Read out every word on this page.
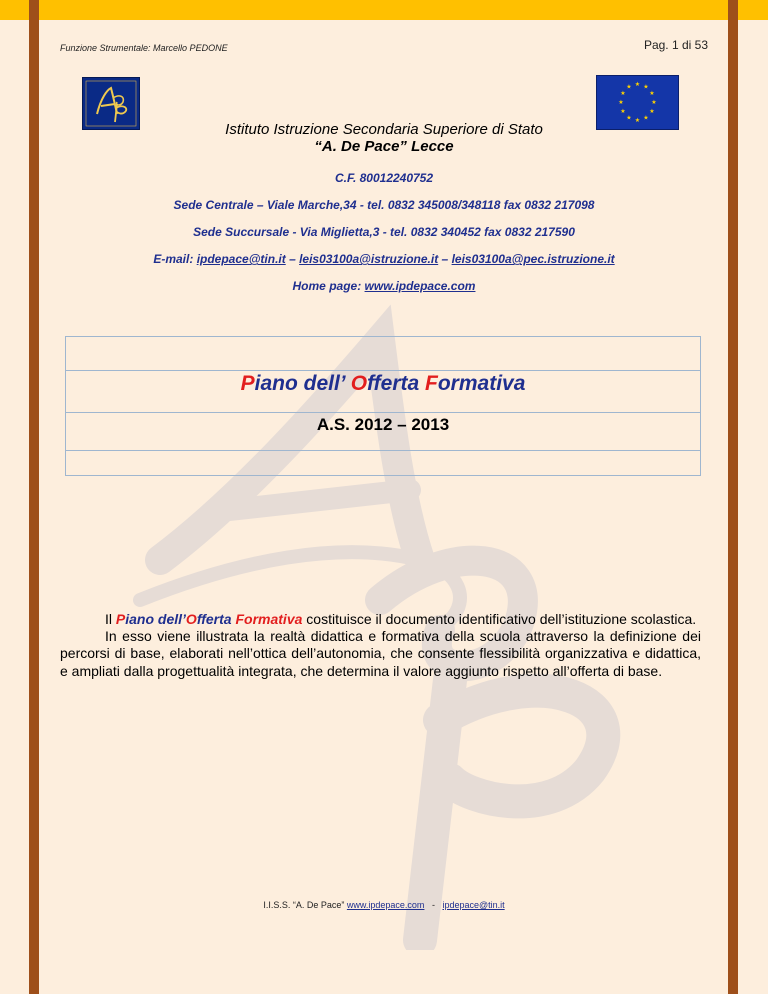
Funzione Strumentale: Marcello PEDONE	Pag. 1 di 53
★ ★
★
★
★
★
★
★
★
★
★
★
Istituto Istruzione Secondaria Superiore di Stato
“A. De Pace” Lecce
C.F. 80012240752
Sede Centrale – Viale Marche,34 - tel. 0832 345008/348118 fax 0832 217098
Sede Succursale - Via Miglietta,3 - tel. 0832 340452 fax 0832 217590
E-mail: ipdepace@tin.it – leis03100a@istruzione.it – leis03100a@pec.istruzione.it
Home page: www.ipdepace.com
Piano dell’ Offerta Formativa
A.S. 2012 – 2013

Il Piano dell’Offerta Formativa costituisce il documento identificativo dell’istituzione scolastica.

In esso viene illustrata la realtà didattica e formativa della scuola attraverso la definizione dei percorsi di base, elaborati nell’ottica dell’autonomia, che consente flessibilità organizzativa e didattica, e ampliati dalla progettualità integrata, che determina il valore aggiunto rispetto all’offerta di base.

I.I.S.S. “A. De Pace” www.ipdepace.com   -   ipdepace@tin.it
